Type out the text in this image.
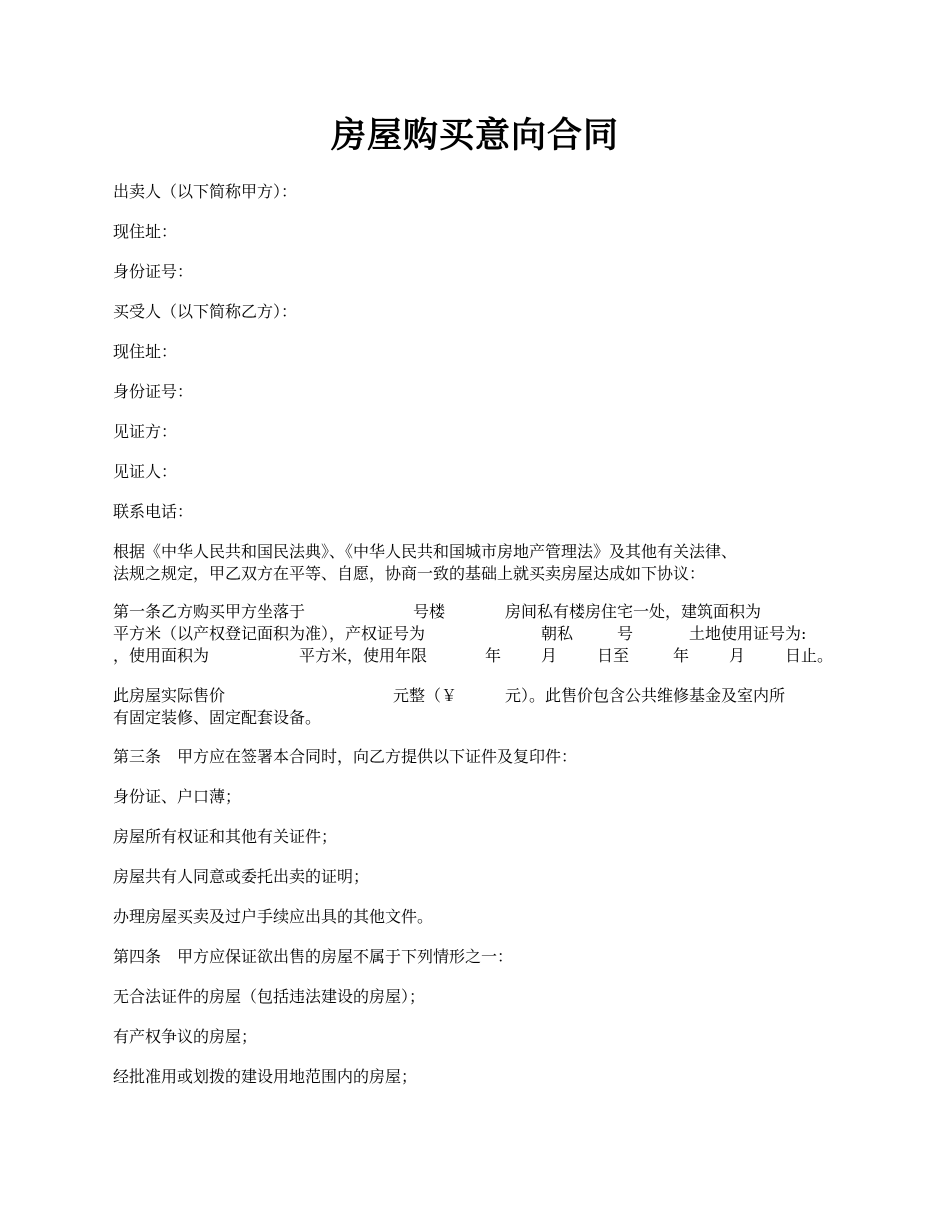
房屋购买意向合同
出卖人（以下简称甲方）：
现住址：
身份证号：
买受人（以下简称乙方）：
现住址：
身份证号：
见证方：
见证人：
联系电话：
根据《中华人民共和国民法典》、《中华人民共和国城市房地产管理法》及其他有关法律、
法规之规定，甲乙双方在平等、自愿，协商一致的基础上就买卖房屋达成如下协议：
第一条乙方购买甲方坐落于	号楼	房间私有楼房住宅一处，建筑面积为
平方米（以产权登记面积为准），产权证号为	朝私	号	土地使用证号为:
，使用面积为	平方米，使用年限	年 月 日至	年 月 日止。
此房屋实际售价	元整（￥	元）。此售价包含公共维修基金及室内所
有固定装修、固定配套设备。
第三条　甲方应在签署本合同时，向乙方提供以下证件及复印件：
身份证、户口薄；
房屋所有权证和其他有关证件；
房屋共有人同意或委托出卖的证明；
办理房屋买卖及过户手续应出具的其他文件。
第四条　甲方应保证欲出售的房屋不属于下列情形之一：
无合法证件的房屋（包括违法建设的房屋）；
有产权争议的房屋；
经批准用或划拨的建设用地范围内的房屋；
